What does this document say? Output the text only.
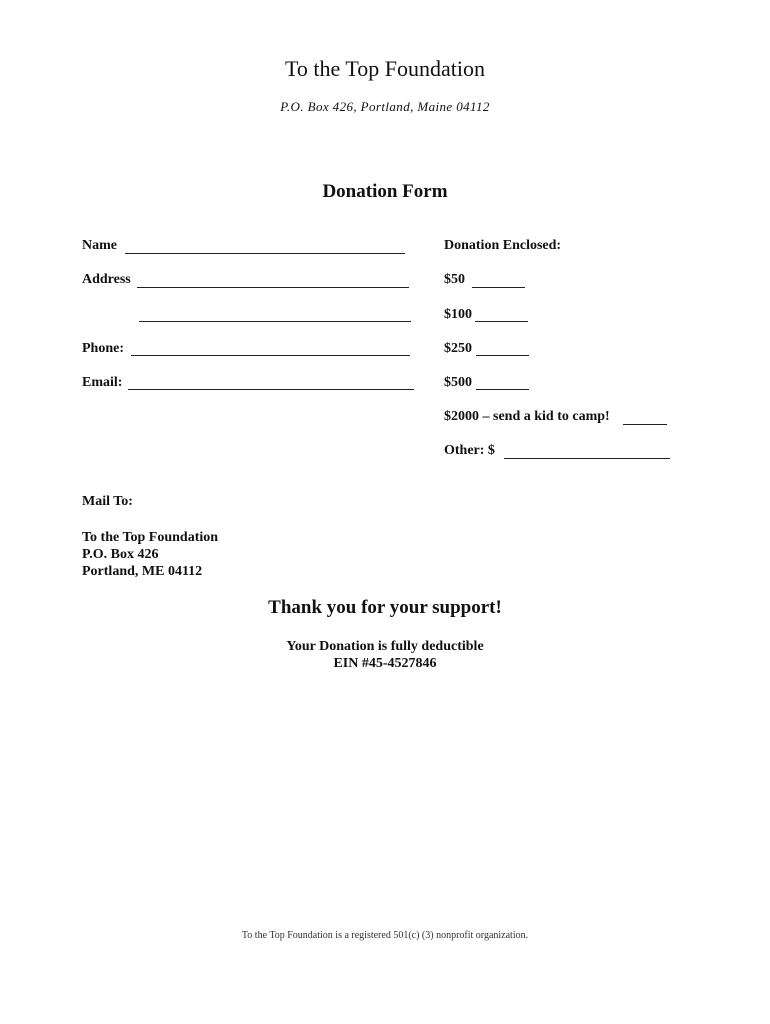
To the Top Foundation
P.O. Box 426, Portland, Maine 04112
Donation Form
Name
Address
Phone:
Email:
Donation Enclosed:
$50
$100
$250
$500
$2000 – send a kid to camp!
Other: $
Mail To:
To the Top Foundation
P.O. Box 426
Portland, ME 04112
Thank you for your support!
Your Donation is fully deductible
EIN #45-4527846
To the Top Foundation is a registered 501(c) (3) nonprofit organization.
